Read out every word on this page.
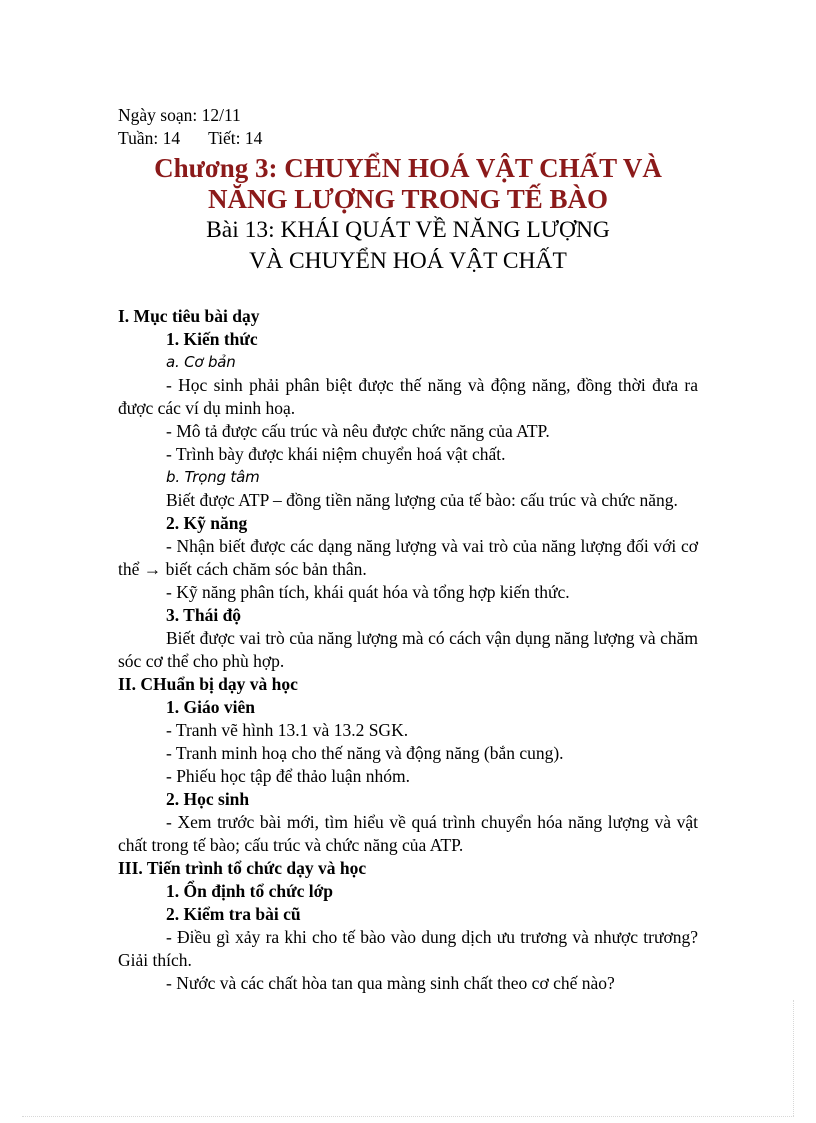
Ngày soạn: 12/11

Tuần: 14 Tiết: 14

Chương 3: CHUYỂN HOÁ VẬT CHẤT VÀ
NĂNG LƯỢNG TRONG TẾ BÀO
Bài 13: KHÁI QUÁT VỀ NĂNG LƯỢNG
VÀ CHUYỂN HOÁ VẬT CHẤT

I. Mục tiêu bài dạy

1. Kiến thức

a. Cơ bản

- Học sinh phải phân biệt được thế năng và động năng, đồng thời đưa ra được các ví dụ minh hoạ.

- Mô tả được cấu trúc và nêu được chức năng của ATP.

- Trình bày được khái niệm chuyển hoá vật chất.

b. Trọng tâm

Biết được ATP – đồng tiền năng lượng của tế bào: cấu trúc và chức năng.

2. Kỹ năng

- Nhận biết được các dạng năng lượng và vai trò của năng lượng đối với cơ thể → biết cách chăm sóc bản thân.

- Kỹ năng phân tích, khái quát hóa và tổng hợp kiến thức.

3. Thái độ

Biết được vai trò của năng lượng mà có cách vận dụng năng lượng và chăm sóc cơ thể cho phù hợp.

II. CHuẩn bị dạy và học

1. Giáo viên

- Tranh vẽ hình 13.1 và 13.2 SGK.

- Tranh minh hoạ cho thế năng và động năng (bắn cung).

- Phiếu học tập để thảo luận nhóm.

2. Học sinh

- Xem trước bài mới, tìm hiểu về quá trình chuyển hóa năng lượng và vật chất trong tế bào; cấu trúc và chức năng của ATP.

III. Tiến trình tổ chức dạy và học

1. Ổn định tổ chức lớp

2. Kiểm tra bài cũ

- Điều gì xảy ra khi cho tế bào vào dung dịch ưu trương và nhược trương? Giải thích.

- Nước và các chất hòa tan qua màng sinh chất theo cơ chế nào?
